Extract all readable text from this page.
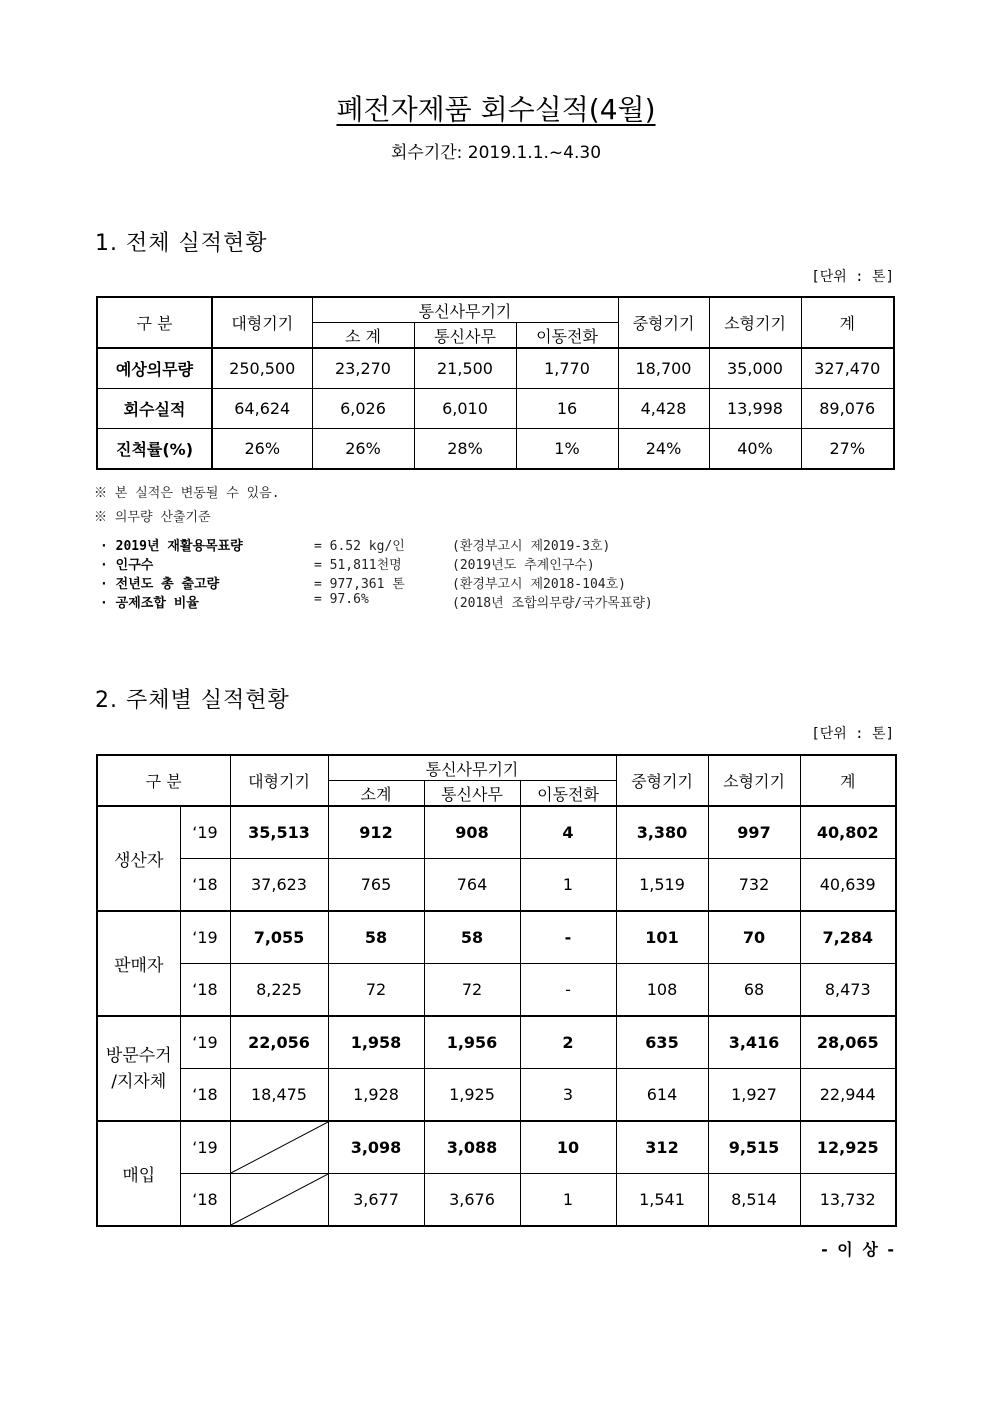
폐전자제품 회수실적(4월)
회수기간: 2019.1.1.~4.30
1. 전체 실적현황
[단위 : 톤]
구 분	대형기기	통신사무기기			중형기기	소형기기	계
		소 계	통신사무	이동전화			
예상의무량	250,500	23,270	21,500	1,770	18,700	35,000	327,470
회수실적	64,624	6,026	6,010	16	4,428	13,998	89,076
진척률(%)	26%	26%	28%	1%	24%	40%	27%
※ 본 실적은 변동될 수 있음.
※ 의무량 산출기준
· 2019년 재활용목표량	= 6.52 kg/인	(환경부고시 제2019-3호)
· 인구수	= 51,811천명	(2019년도 추계인구수)
· 전년도 총 출고량	= 977,361 톤	(환경부고시 제2018-104호)
· 공제조합 비율	= 97.6%	(2018년 조합의무량/국가목표량)
2. 주체별 실적현황
[단위 : 톤]
구 분		대형기기	통신사무기기			중형기기	소형기기	계
			소계	통신사무	이동전화			
생산자	‘19	35,513	912	908	4	3,380	997	40,802
	‘18	37,623	765	764	1	1,519	732	40,639
판매자	‘19	7,055	58	58	-	101	70	7,284
	‘18	8,225	72	72	-	108	68	8,473
방문수거
/지자체	‘19	22,056	1,958	1,956	2	635	3,416	28,065
	‘18	18,475	1,928	1,925	3	614	1,927	22,944
매입	‘19		3,098	3,088	10	312	9,515	12,925
	‘18		3,677	3,676	1	1,541	8,514	13,732
- 이 상 -
